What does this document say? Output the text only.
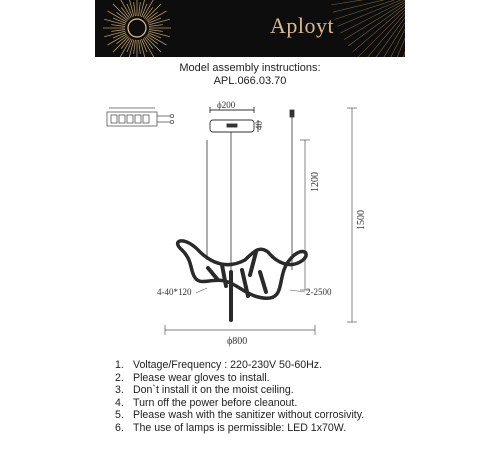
Aployt
Model assembly instructions:
APL.066.03.70
ϕ200
40
1200
1500
4-40*120	2-2500
ϕ800
1. Voltage/Frequency : 220-230V 50-60Hz.
2. Please wear gloves to install.
3. Don`t install it on the moist ceiling.
4. Turn off the power before cleanout.
5. Please wash with the sanitizer without corrosivity.
6. The use of lamps is permissible: LED 1x70W.
